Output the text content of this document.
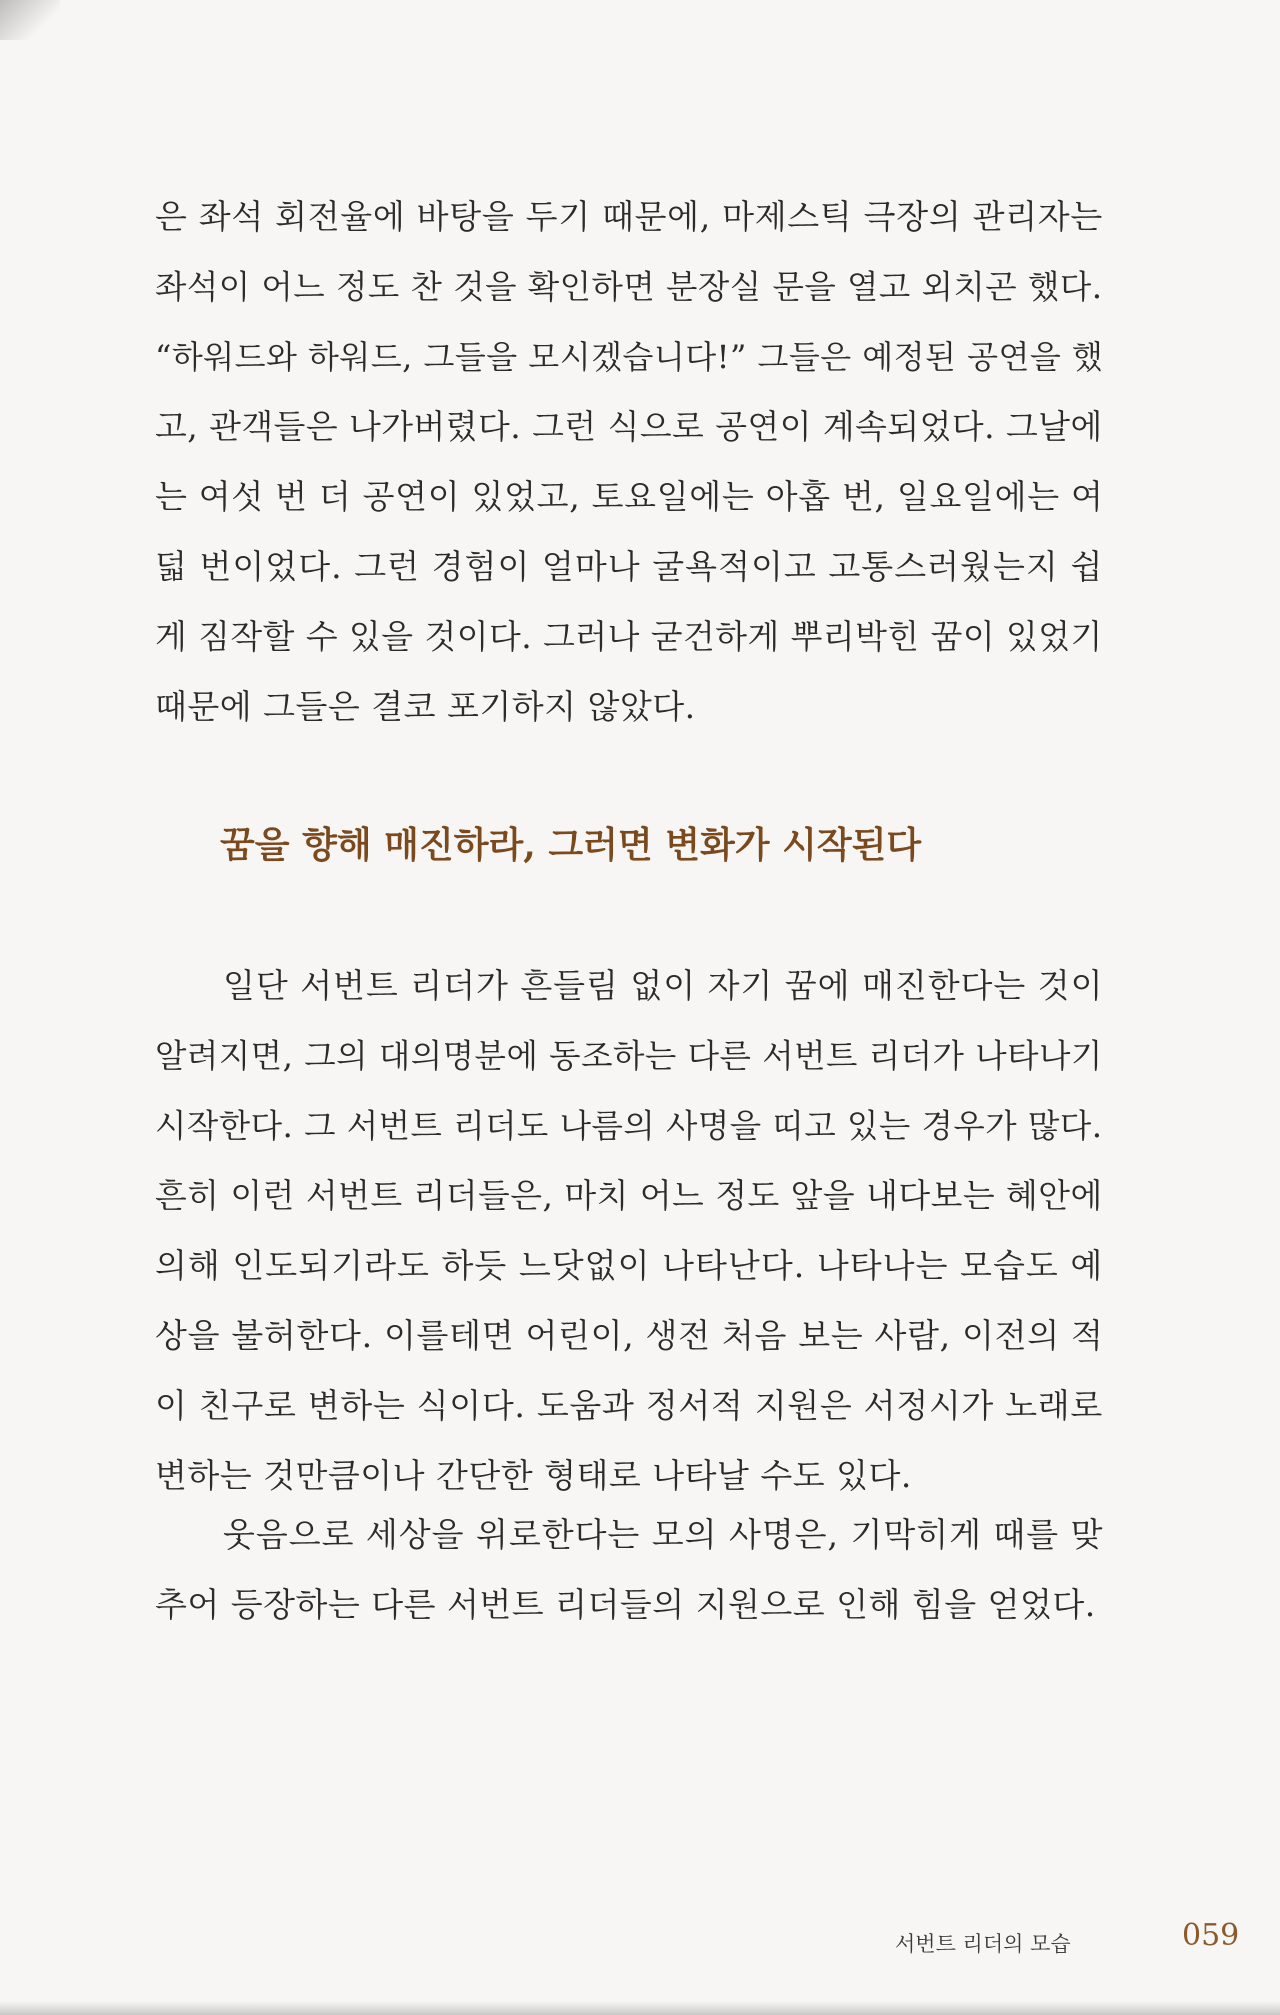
은 좌석 회전율에 바탕을 두기 때문에, 마제스틱 극장의 관리자는
좌석이 어느 정도 찬 것을 확인하면 분장실 문을 열고 외치곤 했다.
“하워드와 하워드, 그들을 모시겠습니다!” 그들은 예정된 공연을 했
고, 관객들은 나가버렸다. 그런 식으로 공연이 계속되었다. 그날에
는 여섯 번 더 공연이 있었고, 토요일에는 아홉 번, 일요일에는 여
덟 번이었다. 그런 경험이 얼마나 굴욕적이고 고통스러웠는지 쉽
게 짐작할 수 있을 것이다. 그러나 굳건하게 뿌리박힌 꿈이 있었기
때문에 그들은 결코 포기하지 않았다.
꿈을 향해 매진하라, 그러면 변화가 시작된다
일단 서번트 리더가 흔들림 없이 자기 꿈에 매진한다는 것이
알려지면, 그의 대의명분에 동조하는 다른 서번트 리더가 나타나기
시작한다. 그 서번트 리더도 나름의 사명을 띠고 있는 경우가 많다.
흔히 이런 서번트 리더들은, 마치 어느 정도 앞을 내다보는 혜안에
의해 인도되기라도 하듯 느닷없이 나타난다. 나타나는 모습도 예
상을 불허한다. 이를테면 어린이, 생전 처음 보는 사람, 이전의 적
이 친구로 변하는 식이다. 도움과 정서적 지원은 서정시가 노래로
변하는 것만큼이나 간단한 형태로 나타날 수도 있다.
웃음으로 세상을 위로한다는 모의 사명은, 기막히게 때를 맞
추어 등장하는 다른 서번트 리더들의 지원으로 인해 힘을 얻었다.
서번트 리더의 모습	059
